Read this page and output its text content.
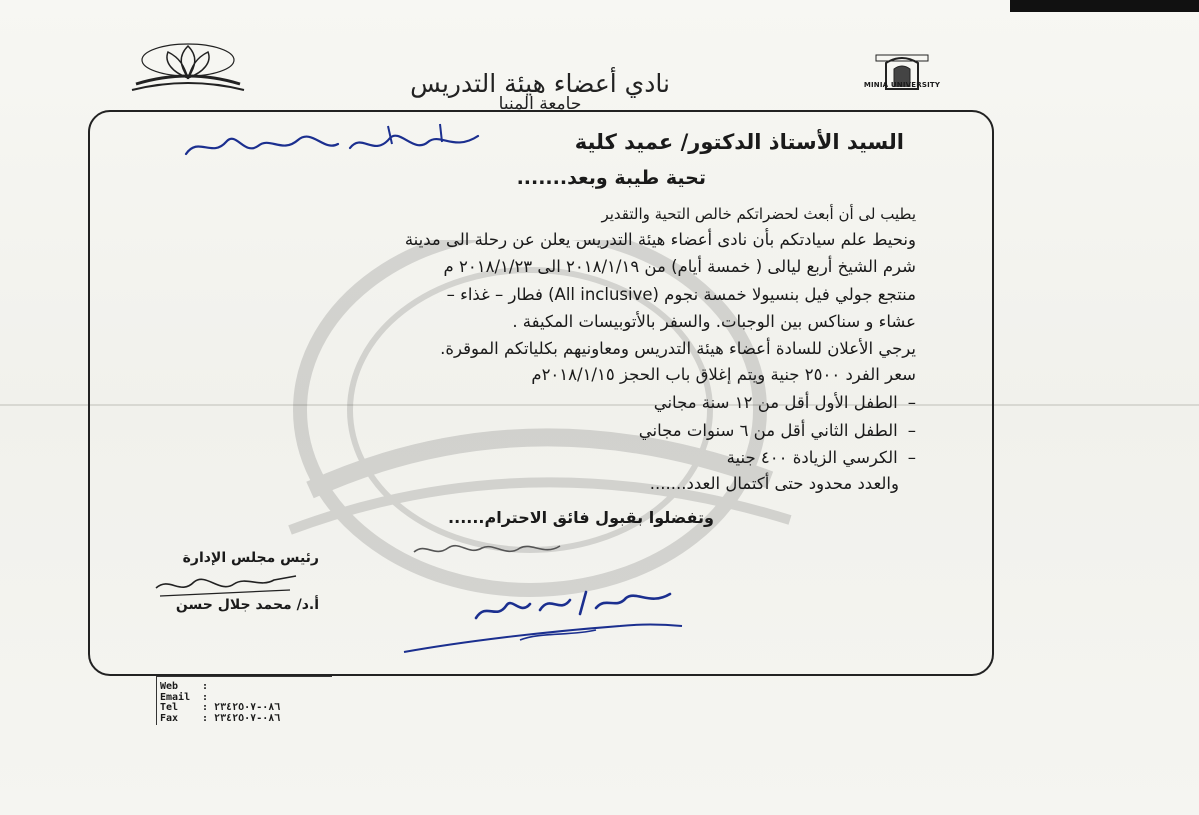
MINIA UNIVERSITY
نادي أعضاء هيئة التدريس
جامعة المنيا
السيد الأستاذ الدكتور/ عميد كلية
تحية طيبة وبعد.......
يطيب لى أن أبعث لحضراتكم خالص التحية والتقدير
ونحيط علم سيادتكم بأن نادى أعضاء هيئة التدريس يعلن عن رحلة الى مدينة
شرم الشيخ أربع ليالى ( خمسة أيام) من ٢٠١٨/١/١٩ الى ٢٠١٨/١/٢٣ م
منتجع جولي فيل بنسيولا خمسة نجوم (All inclusive) فطار – غذاء –
عشاء و سناكس بين الوجبات. والسفر بالأتوبيسات المكيفة .
يرجي الأعلان للسادة أعضاء هيئة التدريس ومعاونيهم بكلياتكم الموقرة.
سعر الفرد ٢٥٠٠ جنية ويتم إغلاق باب الحجز ٢٠١٨/١/١٥م
–الطفل الأول أقل من ١٢ سنة مجاني
–الطفل الثاني أقل من ٦ سنوات مجاني
–الكرسي الزيادة ٤٠٠ جنية
والعدد محدود حتى أكتمال العدد.......
وتفضلوا بقبول فائق الاحترام......
رئيس مجلس الإدارة
أ.د/ محمد جلال حسن
Web	:
Email	:
Tel	: ٠٨٦-٢٣٤٢٥٠٧
Fax	: ٠٨٦-٢٣٤٢٥٠٧
